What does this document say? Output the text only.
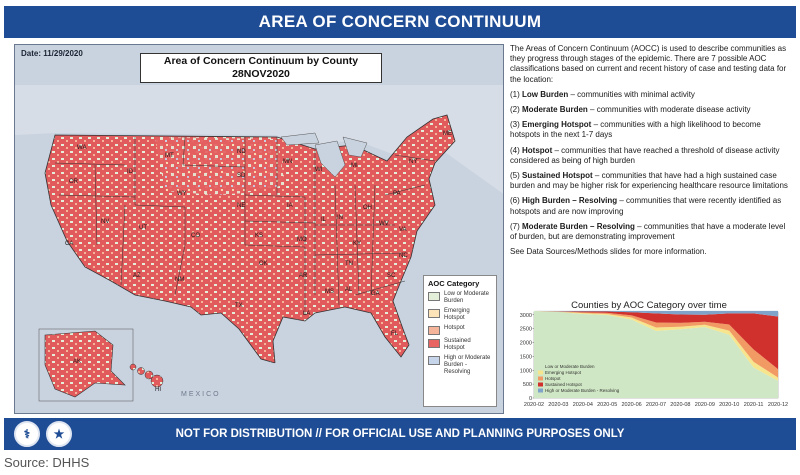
AREA OF CONCERN CONTINUUM
WA
OR
CA
NV
ID
MT
WY
UT
AZ
NM
CO
ND
SD
NE
KS
OK
TX
MN
IA
MO
AR
LA
WI
IL
MS AL
GA
FL
TN
KY
IN
OH
MI
PA
NY
VA
NC
SC
WV
ME
AK
HI
Date: 11/29/2020
Area of Concern Continuum by County
28NOV2020
MEXICO
AOC Category
Low or Moderate Burden
Emerging Hotspot
Hotspot
Sustained Hotspot
High or Moderate Burden - Resolving

The Areas of Concern Continuum (AOCC) is used to describe communities as they progress through stages of the epidemic. There are 7 possible AOC classifications based on current and recent history of case and testing data for the location:

(1) Low Burden – communities with minimal activity

(2) Moderate Burden – communities with moderate disease activity

(3) Emerging Hotspot – communities with a high likelihood to become hotspots in the next 1-7 days

(4) Hotspot – communities that have reached a threshold of disease activity considered as being of high burden

(5) Sustained Hotspot – communities that have had a high sustained case burden and may be higher risk for experiencing healthcare resource limitations

(6) High Burden – Resolving – communities that were recently identified as hotspots and are now improving

(7) Moderate Burden – Resolving – communities that have a moderate level of burden, but are demonstrating improvement

See Data Sources/Methods slides for more information.

Counties by AOC Category over time
0
500
1000
1500
2000
2500
3000
2020-02 2020-03 2020-04 2020-05 2020-06 2020-07 2020-08 2020-09 2020-10 2020-11 2020-12
Low or Moderate Burden
Emerging Hotspot
Hotspot
Sustained Hotspot
High or Moderate Burden - Resolving
⚕	★	NOT FOR DISTRIBUTION // FOR OFFICIAL USE AND PLANNING PURPOSES ONLY
Source: DHHS
